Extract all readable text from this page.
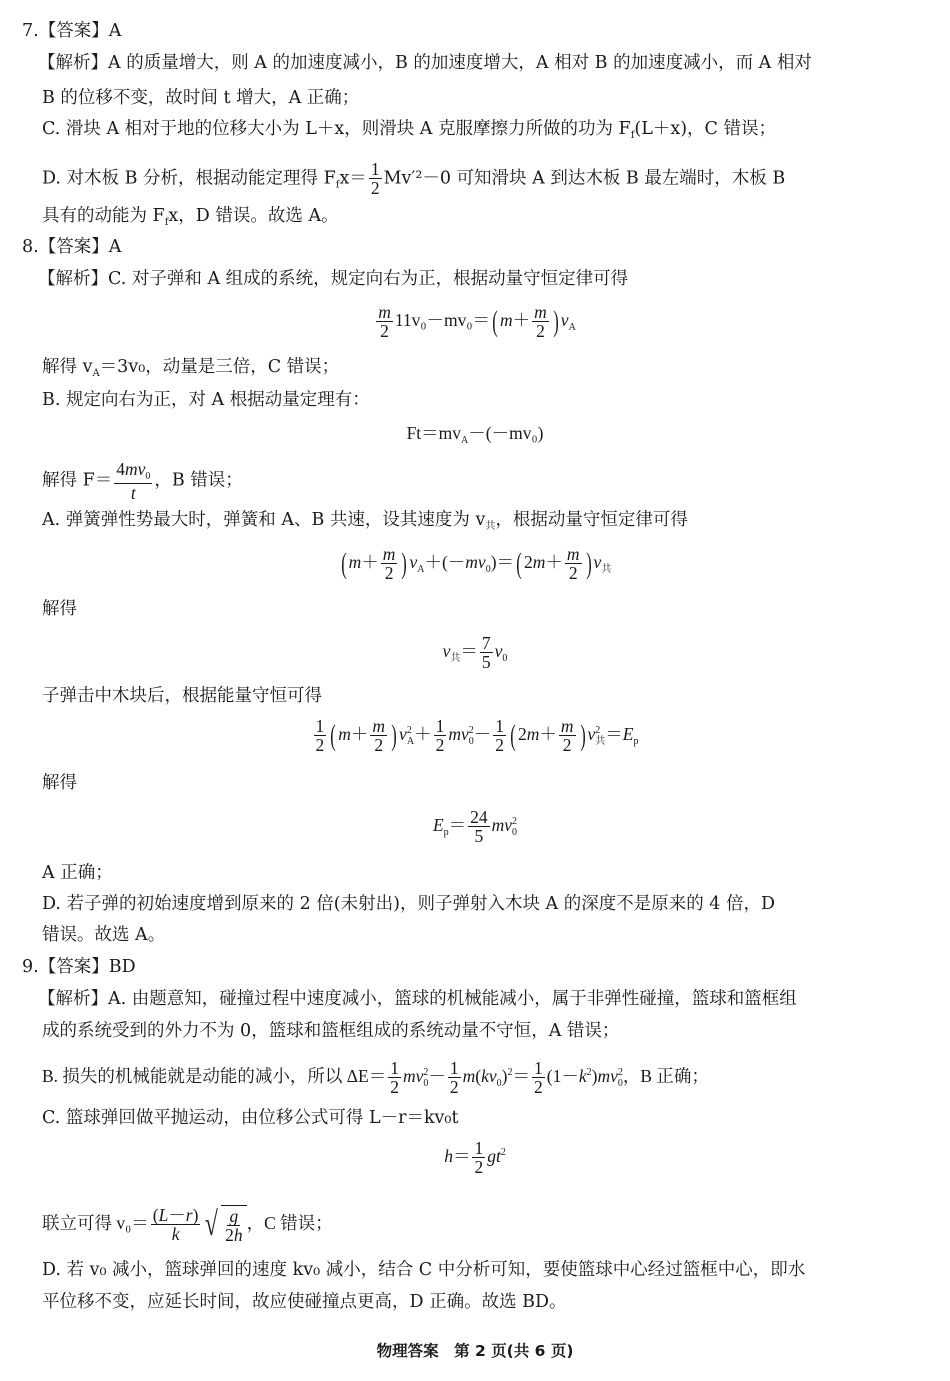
7.【答案】A
【解析】A 的质量增大，则 A 的加速度减小，B 的加速度增大，A 相对 B 的加速度减小，而 A 相对
B 的位移不变，故时间 t 增大，A 正确；
C. 滑块 A 相对于地的位移大小为 L＋x，则滑块 A 克服摩擦力所做的功为 $F_f(L+x)$，C 错误；
D. 对木板 B 分析，根据动能定理得 $F_fx= \frac{1}{2} Mv'^2-0$ 可知滑块 A 到达木板 B 最左端时，木板 B
具有的动能为 $F_fx$，D 错误。故选 A。
8.【答案】A
【解析】C. 对子弹和 A 组成的系统，规定向右为正，根据动量守恒定律可得
$\frac{m}{2} 11v_0-mv_0=$( $m+ \frac{m}{2}$ ) $v_A$
解得 $v_A=3v_0$，动量是三倍，C 错误；
B. 规定向右为正，对 A 根据动量定理有：
$Ft=mv_A-(-mv_0)$
解得 $F= \frac{4mv_0}{t}$ ，B 错误；
A. 弹簧弹性势最大时，弹簧和 A、B 共速，设其速度为 $v_共$，根据动量守恒定律可得
( $m+ \frac{m}{2}$ ) $v_A+(-mv_0)=$( $2m+ \frac{m}{2}$ ) $v_共$
解得
$v_共= \frac{7}{5} v_0$
子弹击中木块后，根据能量守恒可得
$\frac{1}{2}$ ( $m+ \frac{m}{2}$ ) $v^2_A+ \frac{1}{2} mv^2_0- \frac{1}{2}$ ( $2m+ \frac{m}{2}$ ) $v^2_共=E_p$
解得
$E_p= \frac{24}{5} mv^2_0$
A 正确；
D. 若子弹的初始速度增到原来的 2 倍(未射出)，则子弹射入木块 A 的深度不是原来的 4 倍，D
错误。故选 A。
9.【答案】BD
【解析】A. 由题意知，碰撞过程中速度减小，篮球的机械能减小，属于非弹性碰撞，篮球和篮框组
成的系统受到的外力不为 0，篮球和篮框组成的系统动量不守恒，A 错误；
B. 损失的机械能就是动能的减小，所以 $\Delta E= \frac{1}{2} mv^2_0- \frac{1}{2} m(kv_0)^2= \frac{1}{2} (1-k^2)mv^2_0$，B 正确；
C. 篮球弹回做平抛运动，由位移公式可得 L－r＝kv₀t
$h= \frac{1}{2} gt^2$
联立可得 $v_0= \frac{(L-r)}{k}$ √ $\frac{g}{2h}$ ，C 错误；
D. 若 v₀ 减小，篮球弹回的速度 kv₀ 减小，结合 C 中分析可知，要使篮球中心经过篮框中心，即水
平位移不变，应延长时间，故应使碰撞点更高，D 正确。故选 BD。
物理答案　第 2 页(共 6 页)
